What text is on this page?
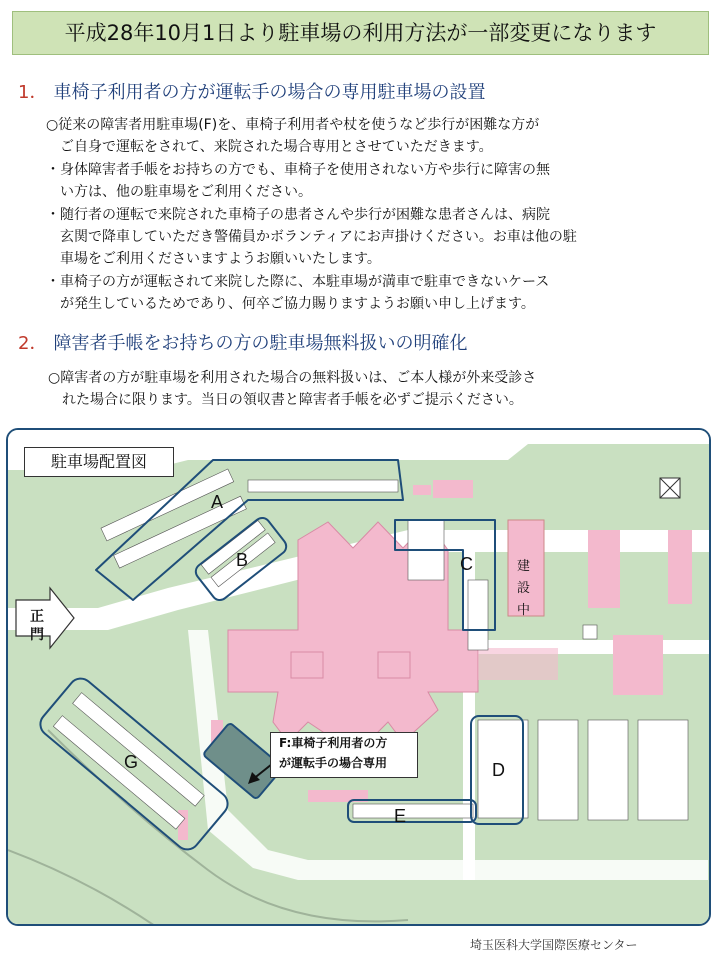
平成28年10月1日より駐車場の利用方法が一部変更になります
1． 車椅子利用者の方が運転手の場合の専用駐車場の設置
○従来の障害者用駐車場(F)を、車椅子利用者や杖を使うなど歩行が困難な方が
ご自身で運転をされて、来院された場合専用とさせていただきます。
・身体障害者手帳をお持ちの方でも、車椅子を使用されない方や歩行に障害の無
い方は、他の駐車場をご利用ください。
・随行者の運転で来院された車椅子の患者さんや歩行が困難な患者さんは、病院
玄関で降車していただき警備員かボランティアにお声掛けください。お車は他の駐
車場をご利用くださいますようお願いいたします。
・車椅子の方が運転されて来院した際に、本駐車場が満車で駐車できないケース
が発生しているためであり、何卒ご協力賜りますようお願い申し上げます。
2． 障害者手帳をお持ちの方の駐車場無料扱いの明確化
○障害者の方が駐車場を利用された場合の無料扱いは、ご本人様が外来受診さ
れた場合に限ります。当日の領収書と障害者手帳を必ずご提示ください。
駐車場配置図
正門
建設中
A
B	C
D
E
G
F:車椅子利用者の方
が運転手の場合専用
埼玉医科大学国際医療センター
